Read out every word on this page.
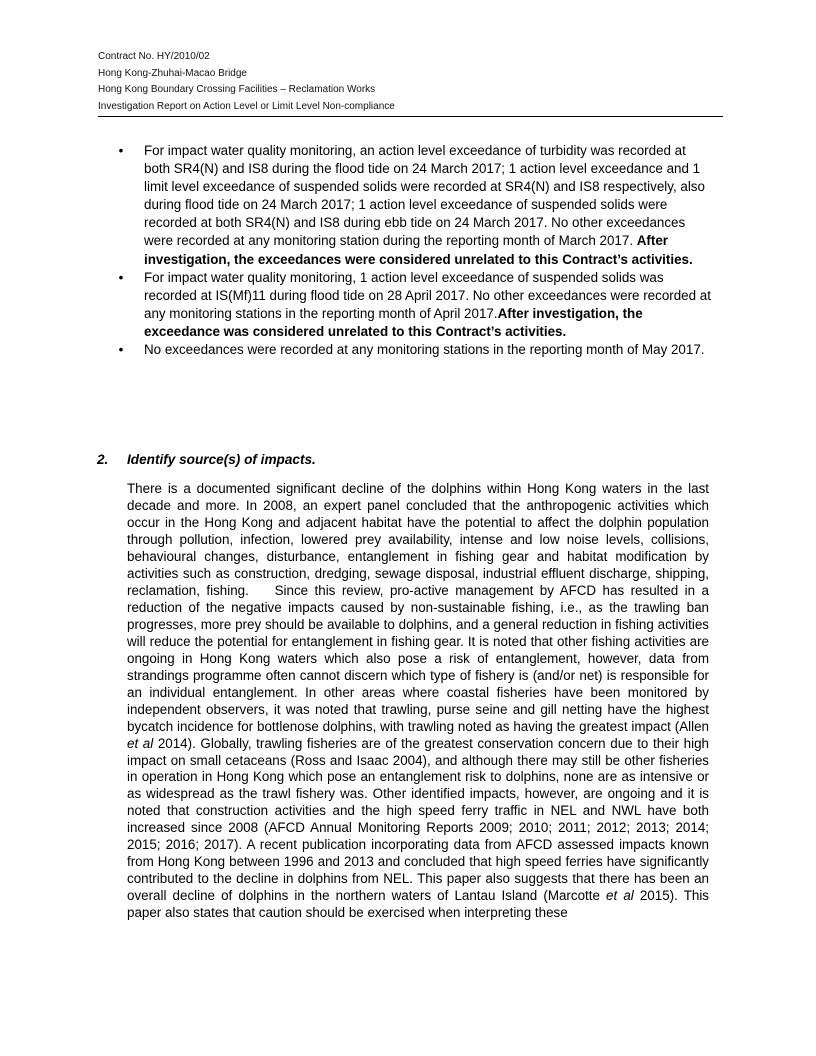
Contract No. HY/2010/02
Hong Kong-Zhuhai-Macao Bridge
Hong Kong Boundary Crossing Facilities – Reclamation Works
Investigation Report on Action Level or Limit Level Non-compliance
• For impact water quality monitoring, an action level exceedance of turbidity was recorded at both SR4(N) and IS8 during the flood tide on 24 March 2017; 1 action level exceedance and 1 limit level exceedance of suspended solids were recorded at SR4(N) and IS8 respectively, also during flood tide on 24 March 2017; 1 action level exceedance of suspended solids were recorded at both SR4(N) and IS8 during ebb tide on 24 March 2017. No other exceedances were recorded at any monitoring station during the reporting month of March 2017. After investigation, the exceedances were considered unrelated to this Contract’s activities.
• For impact water quality monitoring, 1 action level exceedance of suspended solids was recorded at IS(Mf)11 during flood tide on 28 April 2017. No other exceedances were recorded at any monitoring stations in the reporting month of April 2017.After investigation, the exceedance was considered unrelated to this Contract’s activities.
• No exceedances were recorded at any monitoring stations in the reporting month of May 2017.
2. Identify source(s) of impacts.

There is a documented significant decline of the dolphins within Hong Kong waters in the last decade and more. In 2008, an expert panel concluded that the anthropogenic activities which occur in the Hong Kong and adjacent habitat have the potential to affect the dolphin population through pollution, infection, lowered prey availability, intense and low noise levels, collisions, behavioural changes, disturbance, entanglement in fishing gear and habitat modification by activities such as construction, dredging, sewage disposal, industrial effluent discharge, shipping, reclamation, fishing.    Since this review, pro-active management by AFCD has resulted in a reduction of the negative impacts caused by non-sustainable fishing, i.e., as the trawling ban progresses, more prey should be available to dolphins, and a general reduction in fishing activities will reduce the potential for entanglement in fishing gear. It is noted that other fishing activities are ongoing in Hong Kong waters which also pose a risk of entanglement, however, data from strandings programme often cannot discern which type of fishery is (and/or net) is responsible for an individual entanglement. In other areas where coastal fisheries have been monitored by independent observers, it was noted that trawling, purse seine and gill netting have the highest bycatch incidence for bottlenose dolphins, with trawling noted as having the greatest impact (Allen et al 2014). Globally, trawling fisheries are of the greatest conservation concern due to their high impact on small cetaceans (Ross and Isaac 2004), and although there may still be other fisheries in operation in Hong Kong which pose an entanglement risk to dolphins, none are as intensive or as widespread as the trawl fishery was. Other identified impacts, however, are ongoing and it is noted that construction activities and the high speed ferry traffic in NEL and NWL have both increased since 2008 (AFCD Annual Monitoring Reports 2009; 2010; 2011; 2012; 2013; 2014; 2015; 2016; 2017). A recent publication incorporating data from AFCD assessed impacts known from Hong Kong between 1996 and 2013 and concluded that high speed ferries have significantly contributed to the decline in dolphins from NEL. This paper also suggests that there has been an overall decline of dolphins in the northern waters of Lantau Island (Marcotte et al 2015). This paper also states that caution should be exercised when interpreting these
